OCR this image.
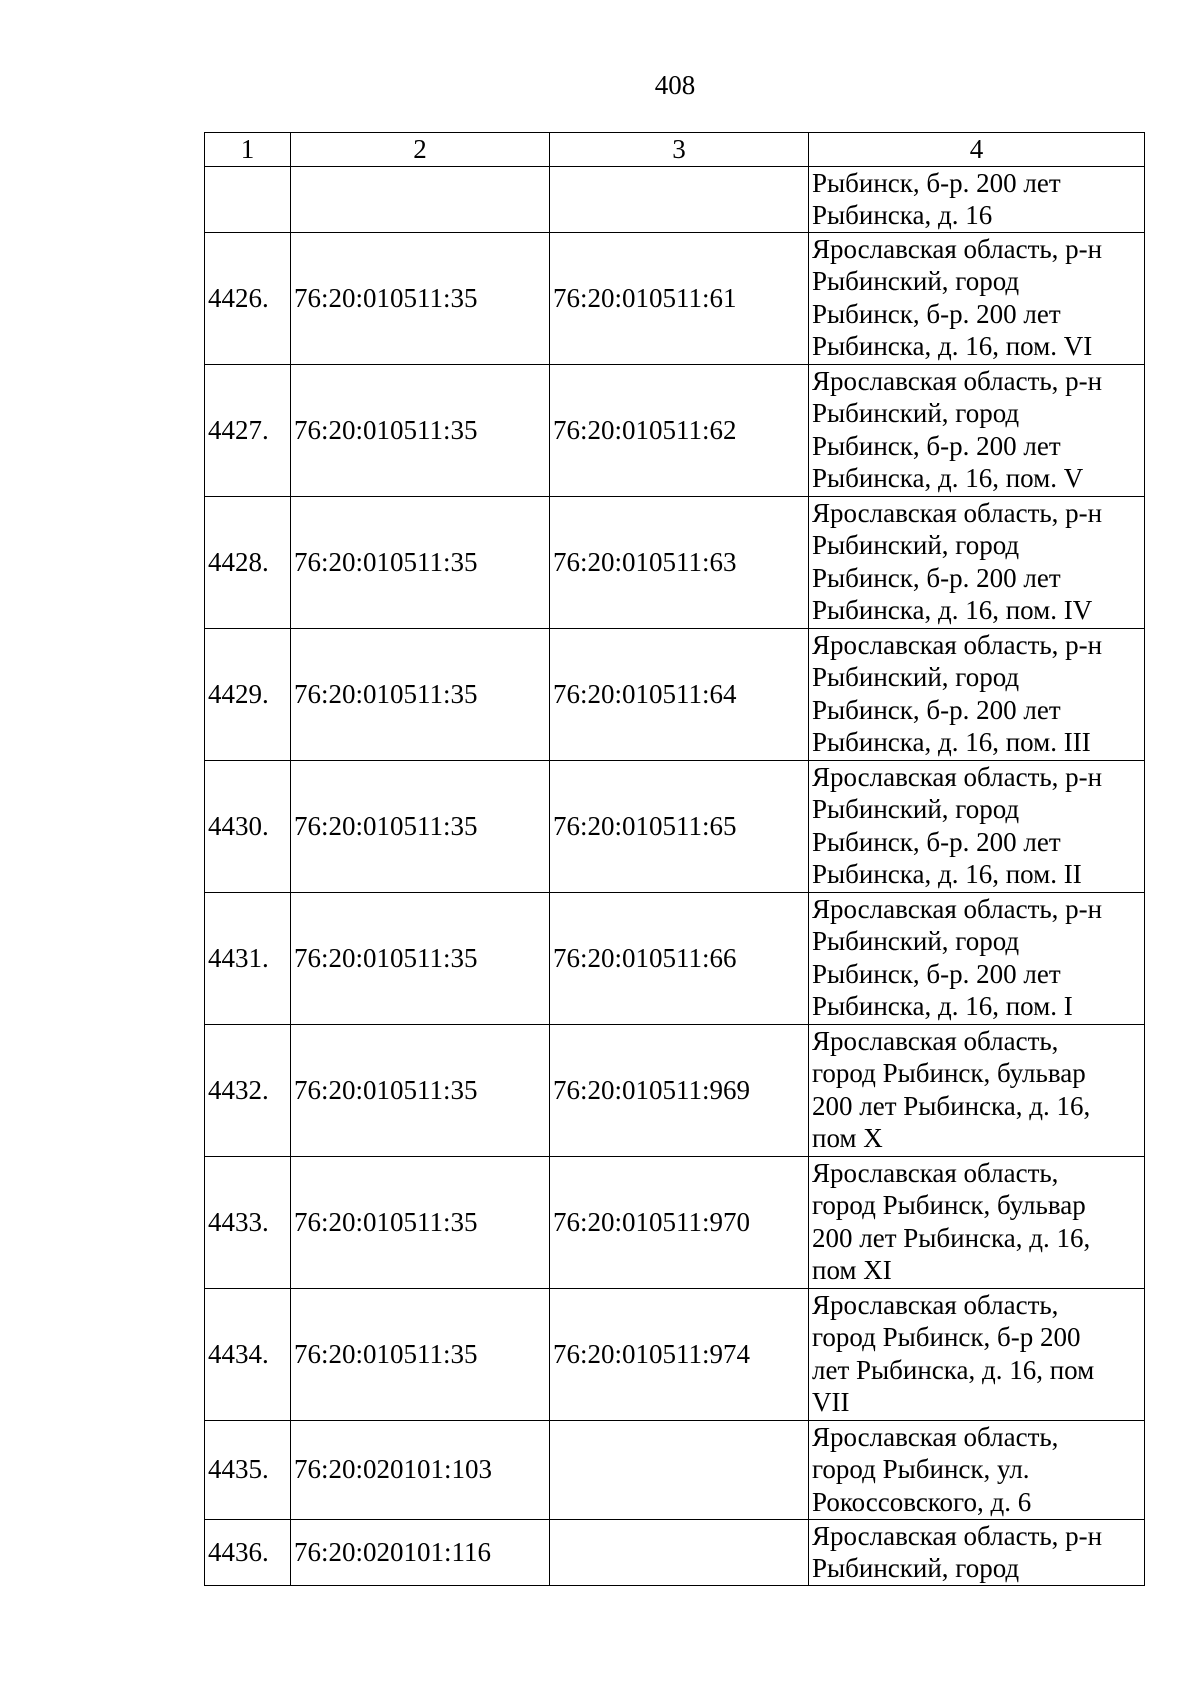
408
1	2	3	4
			Рыбинск, б-р. 200 лет
Рыбинска, д. 16
4426.	76:20:010511:35	76:20:010511:61	Ярославская область, р-н
Рыбинский, город
Рыбинск, б-р. 200 лет
Рыбинска, д. 16, пом. VI
4427.	76:20:010511:35	76:20:010511:62	Ярославская область, р-н
Рыбинский, город
Рыбинск, б-р. 200 лет
Рыбинска, д. 16, пом. V
4428.	76:20:010511:35	76:20:010511:63	Ярославская область, р-н
Рыбинский, город
Рыбинск, б-р. 200 лет
Рыбинска, д. 16, пом. IV
4429.	76:20:010511:35	76:20:010511:64	Ярославская область, р-н
Рыбинский, город
Рыбинск, б-р. 200 лет
Рыбинска, д. 16, пом. III
4430.	76:20:010511:35	76:20:010511:65	Ярославская область, р-н
Рыбинский, город
Рыбинск, б-р. 200 лет
Рыбинска, д. 16, пом. II
4431.	76:20:010511:35	76:20:010511:66	Ярославская область, р-н
Рыбинский, город
Рыбинск, б-р. 200 лет
Рыбинска, д. 16, пом. I
4432.	76:20:010511:35	76:20:010511:969	Ярославская область,
город Рыбинск, бульвар
200 лет Рыбинска, д. 16,
пом X
4433.	76:20:010511:35	76:20:010511:970	Ярославская область,
город Рыбинск, бульвар
200 лет Рыбинска, д. 16,
пом XI
4434.	76:20:010511:35	76:20:010511:974	Ярославская область,
город Рыбинск, б-р 200
лет Рыбинска, д. 16, пом
VII
4435.	76:20:020101:103		Ярославская область,
город Рыбинск, ул.
Рокоссовского, д. 6
4436.	76:20:020101:116		Ярославская область, р-н
Рыбинский, город
